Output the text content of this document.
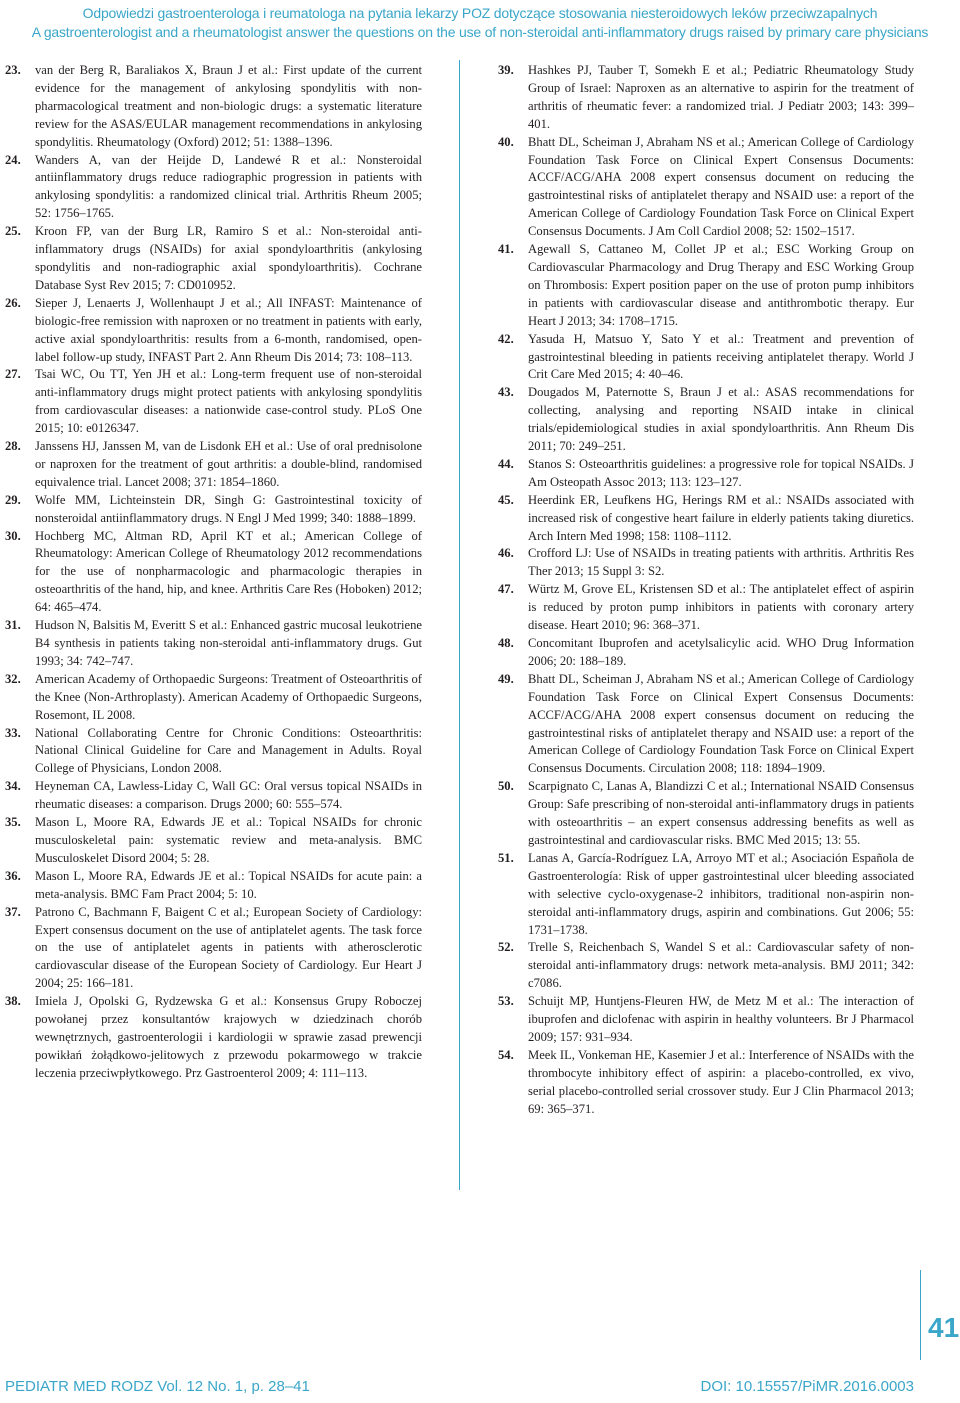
Odpowiedzi gastroenterologa i reumatologa na pytania lekarzy POZ dotyczące stosowania niesteroidowych leków przeciwzapalnych
A gastroenterologist and a rheumatologist answer the questions on the use of non-steroidal anti-inflammatory drugs raised by primary care physicians
23.	van der Berg R, Baraliakos X, Braun J et al.: First update of the current evidence for the management of ankylosing spondylitis with non-pharmacological treatment and non-biologic drugs: a systematic literature review for the ASAS/EULAR management recommendations in ankylosing spondylitis. Rheumatology (Oxford) 2012; 51: 1388–1396.
24.	Wanders A, van der Heijde D, Landewé R et al.: Nonsteroidal antiinflammatory drugs reduce radiographic progression in patients with ankylosing spondylitis: a randomized clinical trial. Arthritis Rheum 2005; 52: 1756–1765.
25.	Kroon FP, van der Burg LR, Ramiro S et al.: Non-steroidal anti-inflammatory drugs (NSAIDs) for axial spondyloarthritis (ankylosing spondylitis and non-radiographic axial spondyloarthritis). Cochrane Database Syst Rev 2015; 7: CD010952.
26.	Sieper J, Lenaerts J, Wollenhaupt J et al.; All INFAST: Maintenance of biologic-free remission with naproxen or no treatment in patients with early, active axial spondyloarthritis: results from a 6-month, randomised, open-label follow-up study, INFAST Part 2. Ann Rheum Dis 2014; 73: 108–113.
27.	Tsai WC, Ou TT, Yen JH et al.: Long-term frequent use of non-steroidal anti-inflammatory drugs might protect patients with ankylosing spondylitis from cardiovascular diseases: a nationwide case-control study. PLoS One 2015; 10: e0126347.
28.	Janssens HJ, Janssen M, van de Lisdonk EH et al.: Use of oral prednisolone or naproxen for the treatment of gout arthritis: a double-blind, randomised equivalence trial. Lancet 2008; 371: 1854–1860.
29.	Wolfe MM, Lichteinstein DR, Singh G: Gastrointestinal toxicity of nonsteroidal antiinflammatory drugs. N Engl J Med 1999; 340: 1888–1899.
30.	Hochberg MC, Altman RD, April KT et al.; American College of Rheumatology: American College of Rheumatology 2012 recommendations for the use of nonpharmacologic and pharmacologic therapies in osteoarthritis of the hand, hip, and knee. Arthritis Care Res (Hoboken) 2012; 64: 465–474.
31.	Hudson N, Balsitis M, Everitt S et al.: Enhanced gastric mucosal leukotriene B4 synthesis in patients taking non-steroidal anti-inflammatory drugs. Gut 1993; 34: 742–747.
32.	American Academy of Orthopaedic Surgeons: Treatment of Osteoarthritis of the Knee (Non-Arthroplasty). American Academy of Orthopaedic Surgeons, Rosemont, IL 2008.
33.	National Collaborating Centre for Chronic Conditions: Osteoarthritis: National Clinical Guideline for Care and Management in Adults. Royal College of Physicians, London 2008.
34.	Heyneman CA, Lawless-Liday C, Wall GC: Oral versus topical NSAIDs in rheumatic diseases: a comparison. Drugs 2000; 60: 555–574.
35.	Mason L, Moore RA, Edwards JE et al.: Topical NSAIDs for chronic musculoskeletal pain: systematic review and meta-analysis. BMC Musculoskelet Disord 2004; 5: 28.
36.	Mason L, Moore RA, Edwards JE et al.: Topical NSAIDs for acute pain: a meta-analysis. BMC Fam Pract 2004; 5: 10.
37.	Patrono C, Bachmann F, Baigent C et al.; European Society of Cardiology: Expert consensus document on the use of antiplatelet agents. The task force on the use of antiplatelet agents in patients with atherosclerotic cardiovascular disease of the European Society of Cardiology. Eur Heart J 2004; 25: 166–181.
38.	Imiela J, Opolski G, Rydzewska G et al.: Konsensus Grupy Roboczej powołanej przez konsultantów krajowych w dziedzinach chorób wewnętrznych, gastroenterologii i kardiologii w sprawie zasad prewencji powikłań żołądkowo-jelitowych z przewodu pokarmowego w trakcie leczenia przeciwpłytkowego. Prz Gastroenterol 2009; 4: 111–113.
39.	Hashkes PJ, Tauber T, Somekh E et al.; Pediatric Rheumatology Study Group of Israel: Naproxen as an alternative to aspirin for the treatment of arthritis of rheumatic fever: a randomized trial. J Pediatr 2003; 143: 399–401.
40.	Bhatt DL, Scheiman J, Abraham NS et al.; American College of Cardiology Foundation Task Force on Clinical Expert Consensus Documents: ACCF/ACG/AHA 2008 expert consensus document on reducing the gastrointestinal risks of antiplatelet therapy and NSAID use: a report of the American College of Cardiology Foundation Task Force on Clinical Expert Consensus Documents. J Am Coll Cardiol 2008; 52: 1502–1517.
41.	Agewall S, Cattaneo M, Collet JP et al.; ESC Working Group on Cardiovascular Pharmacology and Drug Therapy and ESC Working Group on Thrombosis: Expert position paper on the use of proton pump inhibitors in patients with cardiovascular disease and antithrombotic therapy. Eur Heart J 2013; 34: 1708–1715.
42.	Yasuda H, Matsuo Y, Sato Y et al.: Treatment and prevention of gastrointestinal bleeding in patients receiving antiplatelet therapy. World J Crit Care Med 2015; 4: 40–46.
43.	Dougados M, Paternotte S, Braun J et al.: ASAS recommendations for collecting, analysing and reporting NSAID intake in clinical trials/epidemiological studies in axial spondyloarthritis. Ann Rheum Dis 2011; 70: 249–251.
44.	Stanos S: Osteoarthritis guidelines: a progressive role for topical NSAIDs. J Am Osteopath Assoc 2013; 113: 123–127.
45.	Heerdink ER, Leufkens HG, Herings RM et al.: NSAIDs associated with increased risk of congestive heart failure in elderly patients taking diuretics. Arch Intern Med 1998; 158: 1108–1112.
46.	Crofford LJ: Use of NSAIDs in treating patients with arthritis. Arthritis Res Ther 2013; 15 Suppl 3: S2.
47.	Würtz M, Grove EL, Kristensen SD et al.: The antiplatelet effect of aspirin is reduced by proton pump inhibitors in patients with coronary artery disease. Heart 2010; 96: 368–371.
48.	Concomitant Ibuprofen and acetylsalicylic acid. WHO Drug Information 2006; 20: 188–189.
49.	Bhatt DL, Scheiman J, Abraham NS et al.; American College of Cardiology Foundation Task Force on Clinical Expert Consensus Documents: ACCF/ACG/AHA 2008 expert consensus document on reducing the gastrointestinal risks of antiplatelet therapy and NSAID use: a report of the American College of Cardiology Foundation Task Force on Clinical Expert Consensus Documents. Circulation 2008; 118: 1894–1909.
50.	Scarpignato C, Lanas A, Blandizzi C et al.; International NSAID Consensus Group: Safe prescribing of non-steroidal anti-inflammatory drugs in patients with osteoarthritis – an expert consensus addressing benefits as well as gastrointestinal and cardiovascular risks. BMC Med 2015; 13: 55.
51.	Lanas A, García-Rodríguez LA, Arroyo MT et al.; Asociación Española de Gastroenterología: Risk of upper gastrointestinal ulcer bleeding associated with selective cyclo-oxygenase-2 inhibitors, traditional non-aspirin non-steroidal anti-inflammatory drugs, aspirin and combinations. Gut 2006; 55: 1731–1738.
52.	Trelle S, Reichenbach S, Wandel S et al.: Cardiovascular safety of non-steroidal anti-inflammatory drugs: network meta-analysis. BMJ 2011; 342: c7086.
53.	Schuijt MP, Huntjens-Fleuren HW, de Metz M et al.: The interaction of ibuprofen and diclofenac with aspirin in healthy volunteers. Br J Pharmacol 2009; 157: 931–934.
54.	Meek IL, Vonkeman HE, Kasemier J et al.: Interference of NSAIDs with the thrombocyte inhibitory effect of aspirin: a placebo-controlled, ex vivo, serial placebo-controlled serial crossover study. Eur J Clin Pharmacol 2013; 69: 365–371.
41
PEDIATR MED RODZ Vol. 12 No. 1, p. 28–41	DOI: 10.15557/PiMR.2016.0003
